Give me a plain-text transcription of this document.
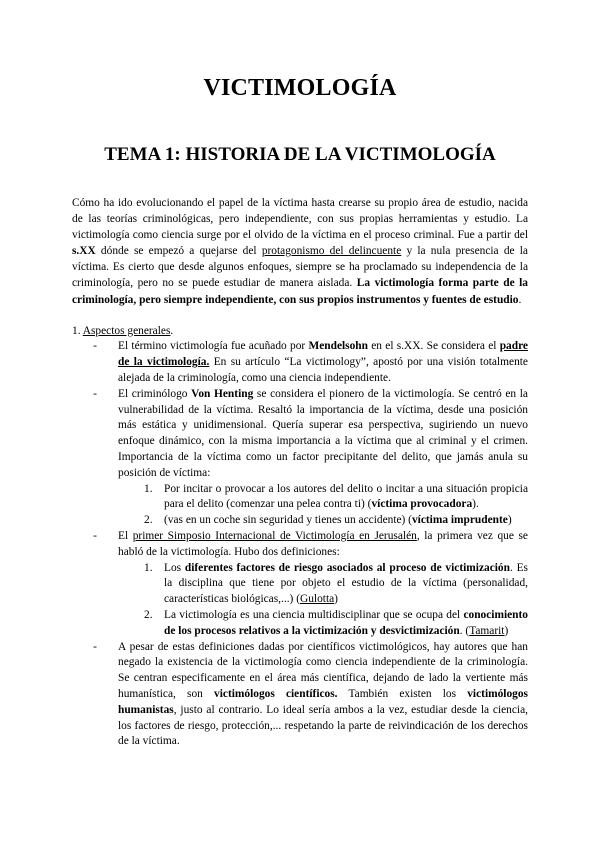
VICTIMOLOGÍA
TEMA 1: HISTORIA DE LA VICTIMOLOGÍA

Cómo ha ido evolucionando el papel de la víctima hasta crearse su propio área de estudio, nacida de las teorías criminológicas, pero independiente, con sus propias herramientas y estudio. La victimología como ciencia surge por el olvido de la víctima en el proceso criminal. Fue a partir del s.XX dónde se empezó a quejarse del protagonismo del delincuente y la nula presencia de la víctima. Es cierto que desde algunos enfoques, siempre se ha proclamado su independencia de la criminología, pero no se puede estudiar de manera aislada. La victimología forma parte de la criminología, pero siempre independiente, con sus propios instrumentos y fuentes de estudio.

1. Aspectos generales.

- El término victimología fue acuñado por Mendelsohn en el s.XX. Se considera el padre de la victimología. En su artículo “La victimology”, apostó por una visión totalmente alejada de la criminología, como una ciencia independiente.
- El criminólogo Von Henting se considera el pionero de la victimología. Se centró en la vulnerabilidad de la víctima. Resaltó la importancia de la víctima, desde una posición más estática y unidimensional. Quería superar esa perspectiva, sugiriendo un nuevo enfoque dinámico, con la misma importancia a la víctima que al criminal y el crimen. Importancia de la víctima como un factor precipitante del delito, que jamás anula su posición de víctima:
1. Por incitar o provocar a los autores del delito o incitar a una situación propicia para el delito (comenzar una pelea contra ti) (víctima provocadora).
2. (vas en un coche sin seguridad y tienes un accidente) (víctima imprudente)
- El primer Simposio Internacional de Victimología en Jerusalén, la primera vez que se habló de la victimología. Hubo dos definiciones:
1. Los diferentes factores de riesgo asociados al proceso de victimización. Es la disciplina que tiene por objeto el estudio de la víctima (personalidad, características biológicas,...) (Gulotta)
2. La victimología es una ciencia multidisciplinar que se ocupa del conocimiento de los procesos relativos a la victimización y desvictimización. (Tamarit)
- A pesar de estas definiciones dadas por científicos victimológicos, hay autores que han negado la existencia de la victimología como ciencia independiente de la criminología. Se centran especificamente en el área más científica, dejando de lado la vertiente más humanística, son victimólogos científicos. También existen los victimólogos humanistas, justo al contrario. Lo ideal sería ambos a la vez, estudiar desde la ciencia, los factores de riesgo, protección,... respetando la parte de reivindicación de los derechos de la víctima.
